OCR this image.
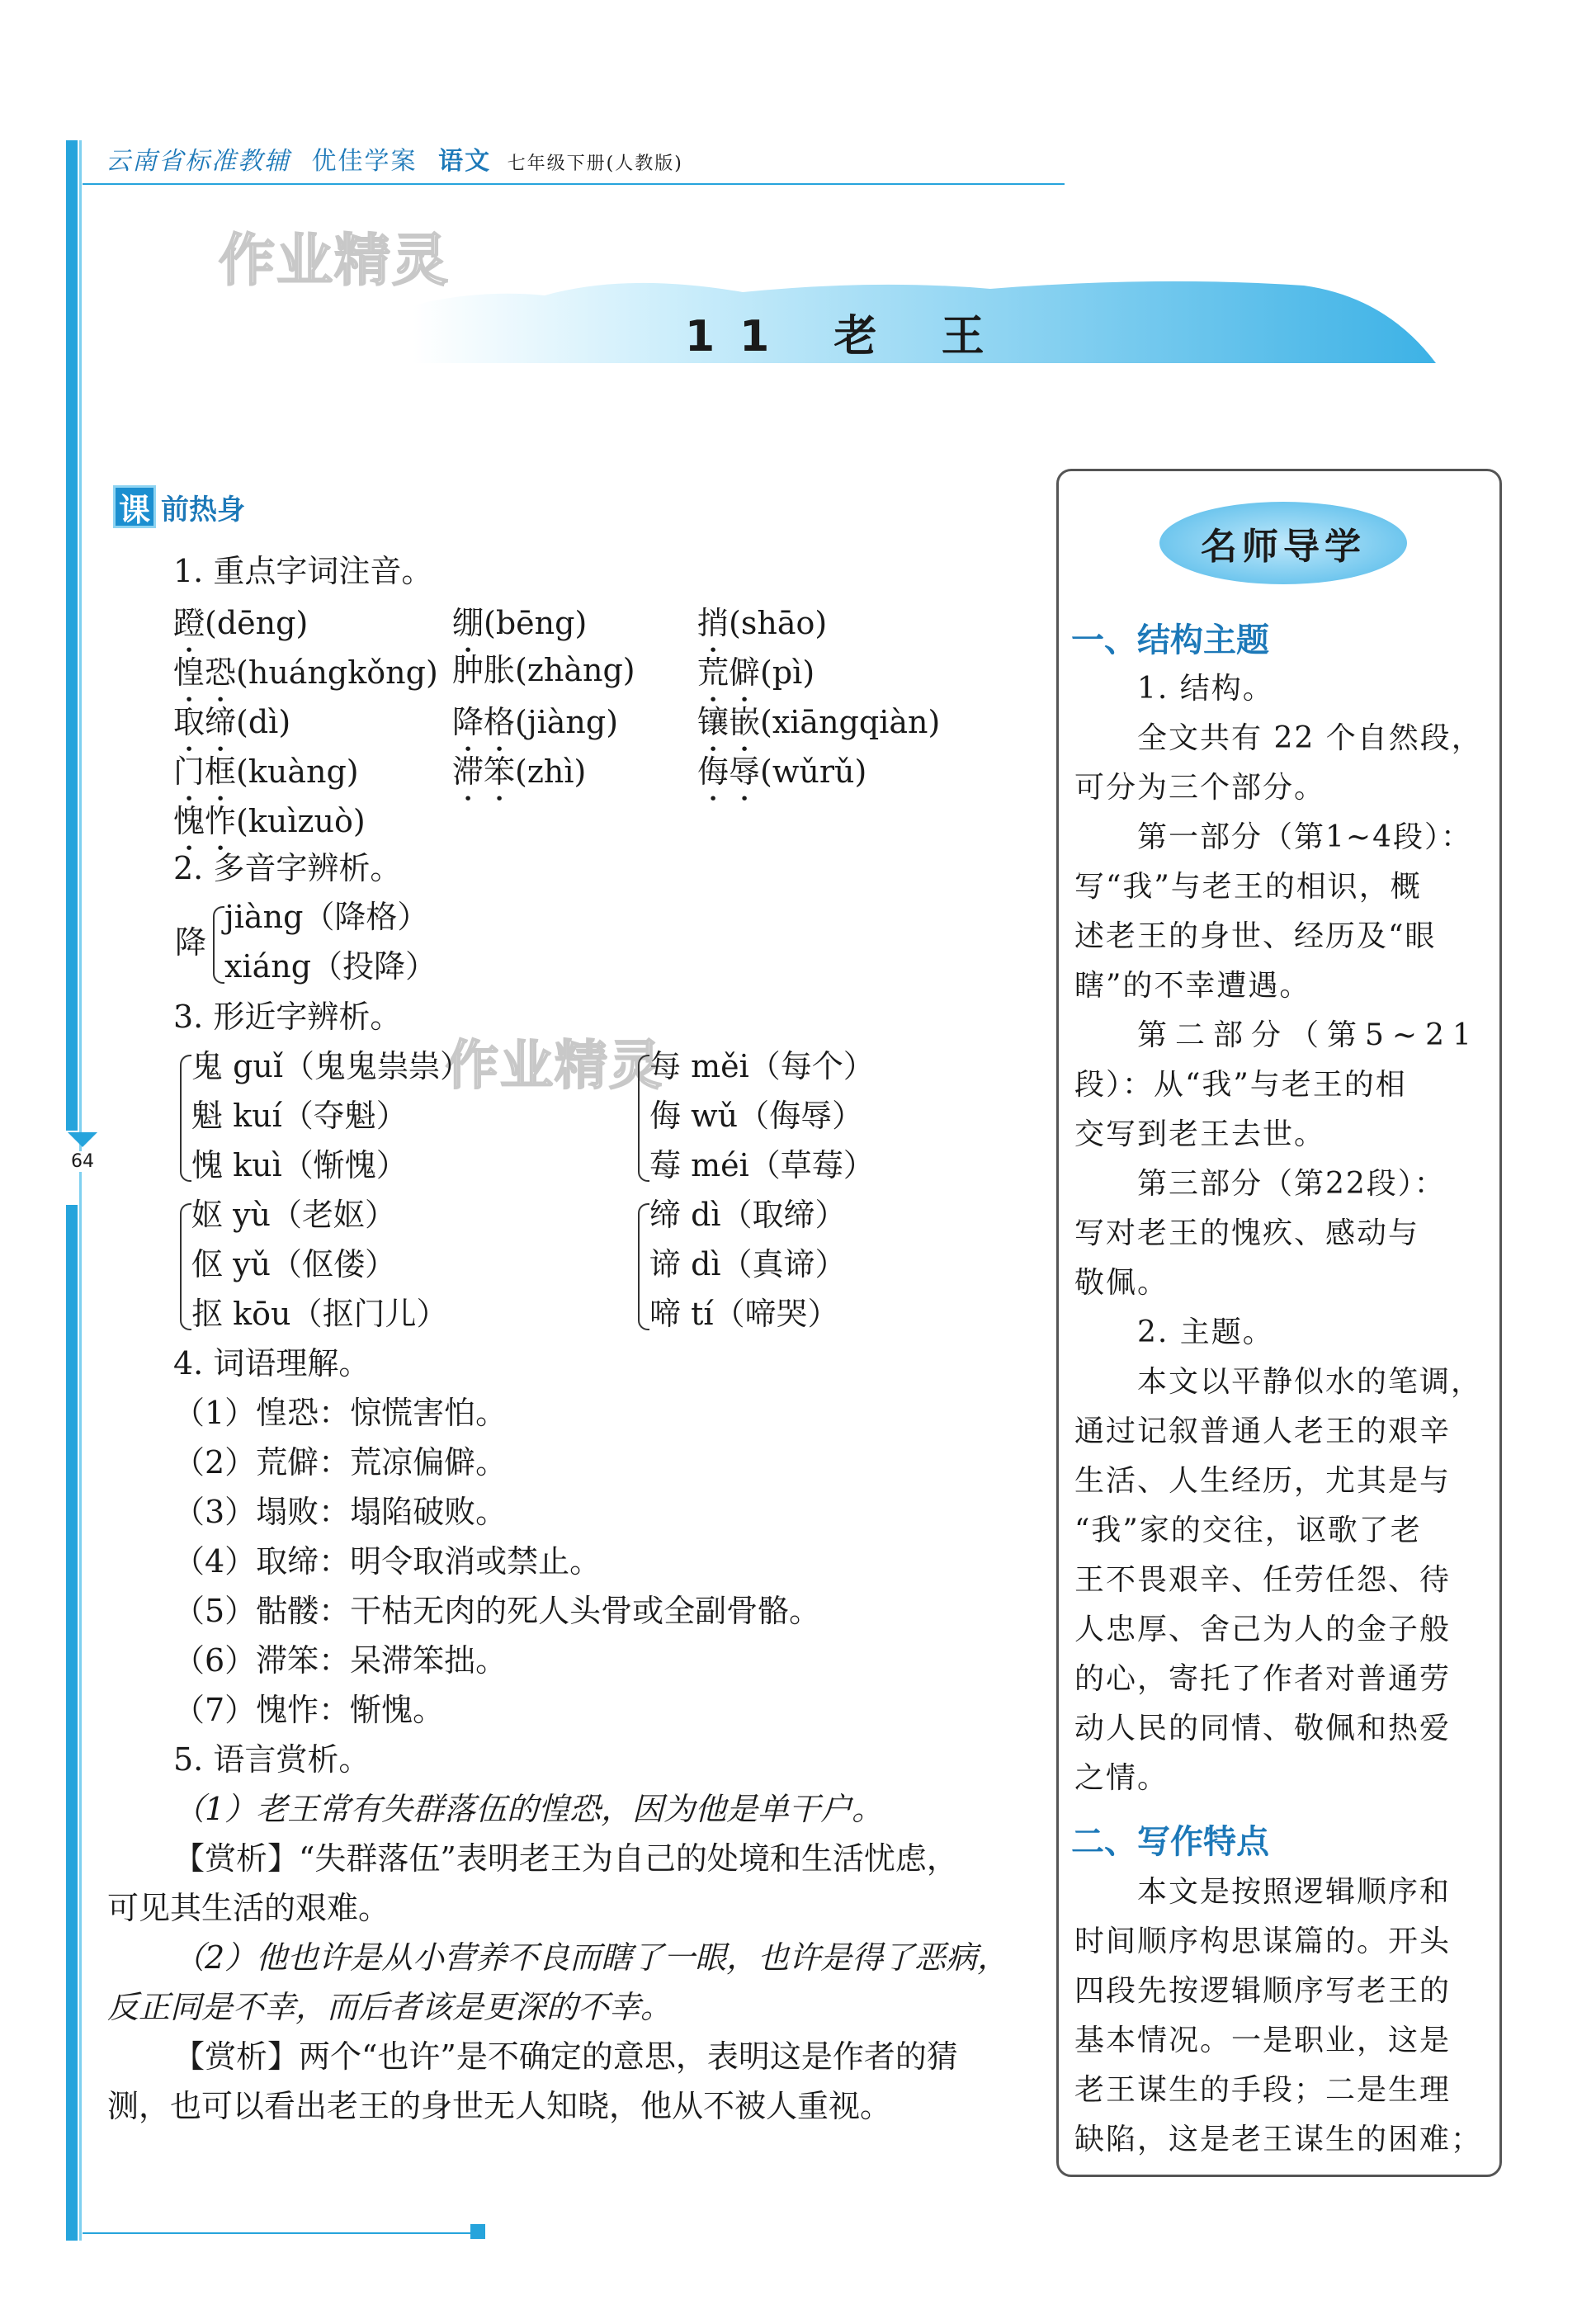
64
云南省标准教辅 优佳学案 语文 七年级下册(人教版)
作业精灵
11 老 王
课 前热身
1. 重点字词注音。
蹬(dēng)	绷(bēng)	捎(shāo)
惶恐(huángkǒng) 肿胀(zhàng) 荒僻(pì)
取缔(dì)	降格(jiàng)	镶嵌(xiāngqiàn)
门框(kuàng)	滞笨(zhì)	侮辱(wǔrǔ)
愧怍(kuìzuò)
2. 多音字辨析。
降
jiàng（降格）
xiáng（投降）
3. 形近字辨析。
作业精灵
鬼 guǐ（鬼鬼祟祟）
魁 kuí（夺魁）
愧 kuì（惭愧）
每 měi（每个）
侮 wǔ（侮辱）
莓 méi（草莓）
妪 yù（老妪）
伛 yǔ（伛偻）
抠 kōu（抠门儿）
缔 dì（取缔）
谛 dì（真谛）
啼 tí（啼哭）
4. 词语理解。
（1）惶恐：惊慌害怕。
（2）荒僻：荒凉偏僻。
（3）塌败：塌陷破败。
（4）取缔：明令取消或禁止。
（5）骷髅：干枯无肉的死人头骨或全副骨骼。
（6）滞笨：呆滞笨拙。
（7）愧怍：惭愧。
5. 语言赏析。
（1）老王常有失群落伍的惶恐，因为他是单干户。
【赏析】“失群落伍”表明老王为自己的处境和生活忧虑，
可见其生活的艰难。
（2）他也许是从小营养不良而瞎了一眼，也许是得了恶病，
反正同是不幸，而后者该是更深的不幸。
【赏析】两个“也许”是不确定的意思，表明这是作者的猜
测，也可以看出老王的身世无人知晓，他从不被人重视。
名师导学
一、结构主题
1. 结构。
全文共有 22 个自然段，
可分为三个部分。
第一部分（第1~4段）：
写“我”与老王的相识，概
述老王的身世、经历及“眼
瞎”的不幸遭遇。
第二部分（第5~21
段）：从“我”与老王的相
交写到老王去世。
第三部分（第22段）：
写对老王的愧疚、感动与
敬佩。
2. 主题。
本文以平静似水的笔调，
通过记叙普通人老王的艰辛
生活、人生经历，尤其是与
“我”家的交往，讴歌了老
王不畏艰辛、任劳任怨、待
人忠厚、舍己为人的金子般
的心，寄托了作者对普通劳
动人民的同情、敬佩和热爱
之情。
二、写作特点
本文是按照逻辑顺序和
时间顺序构思谋篇的。开头
四段先按逻辑顺序写老王的
基本情况。一是职业，这是
老王谋生的手段；二是生理
缺陷，这是老王谋生的困难；
